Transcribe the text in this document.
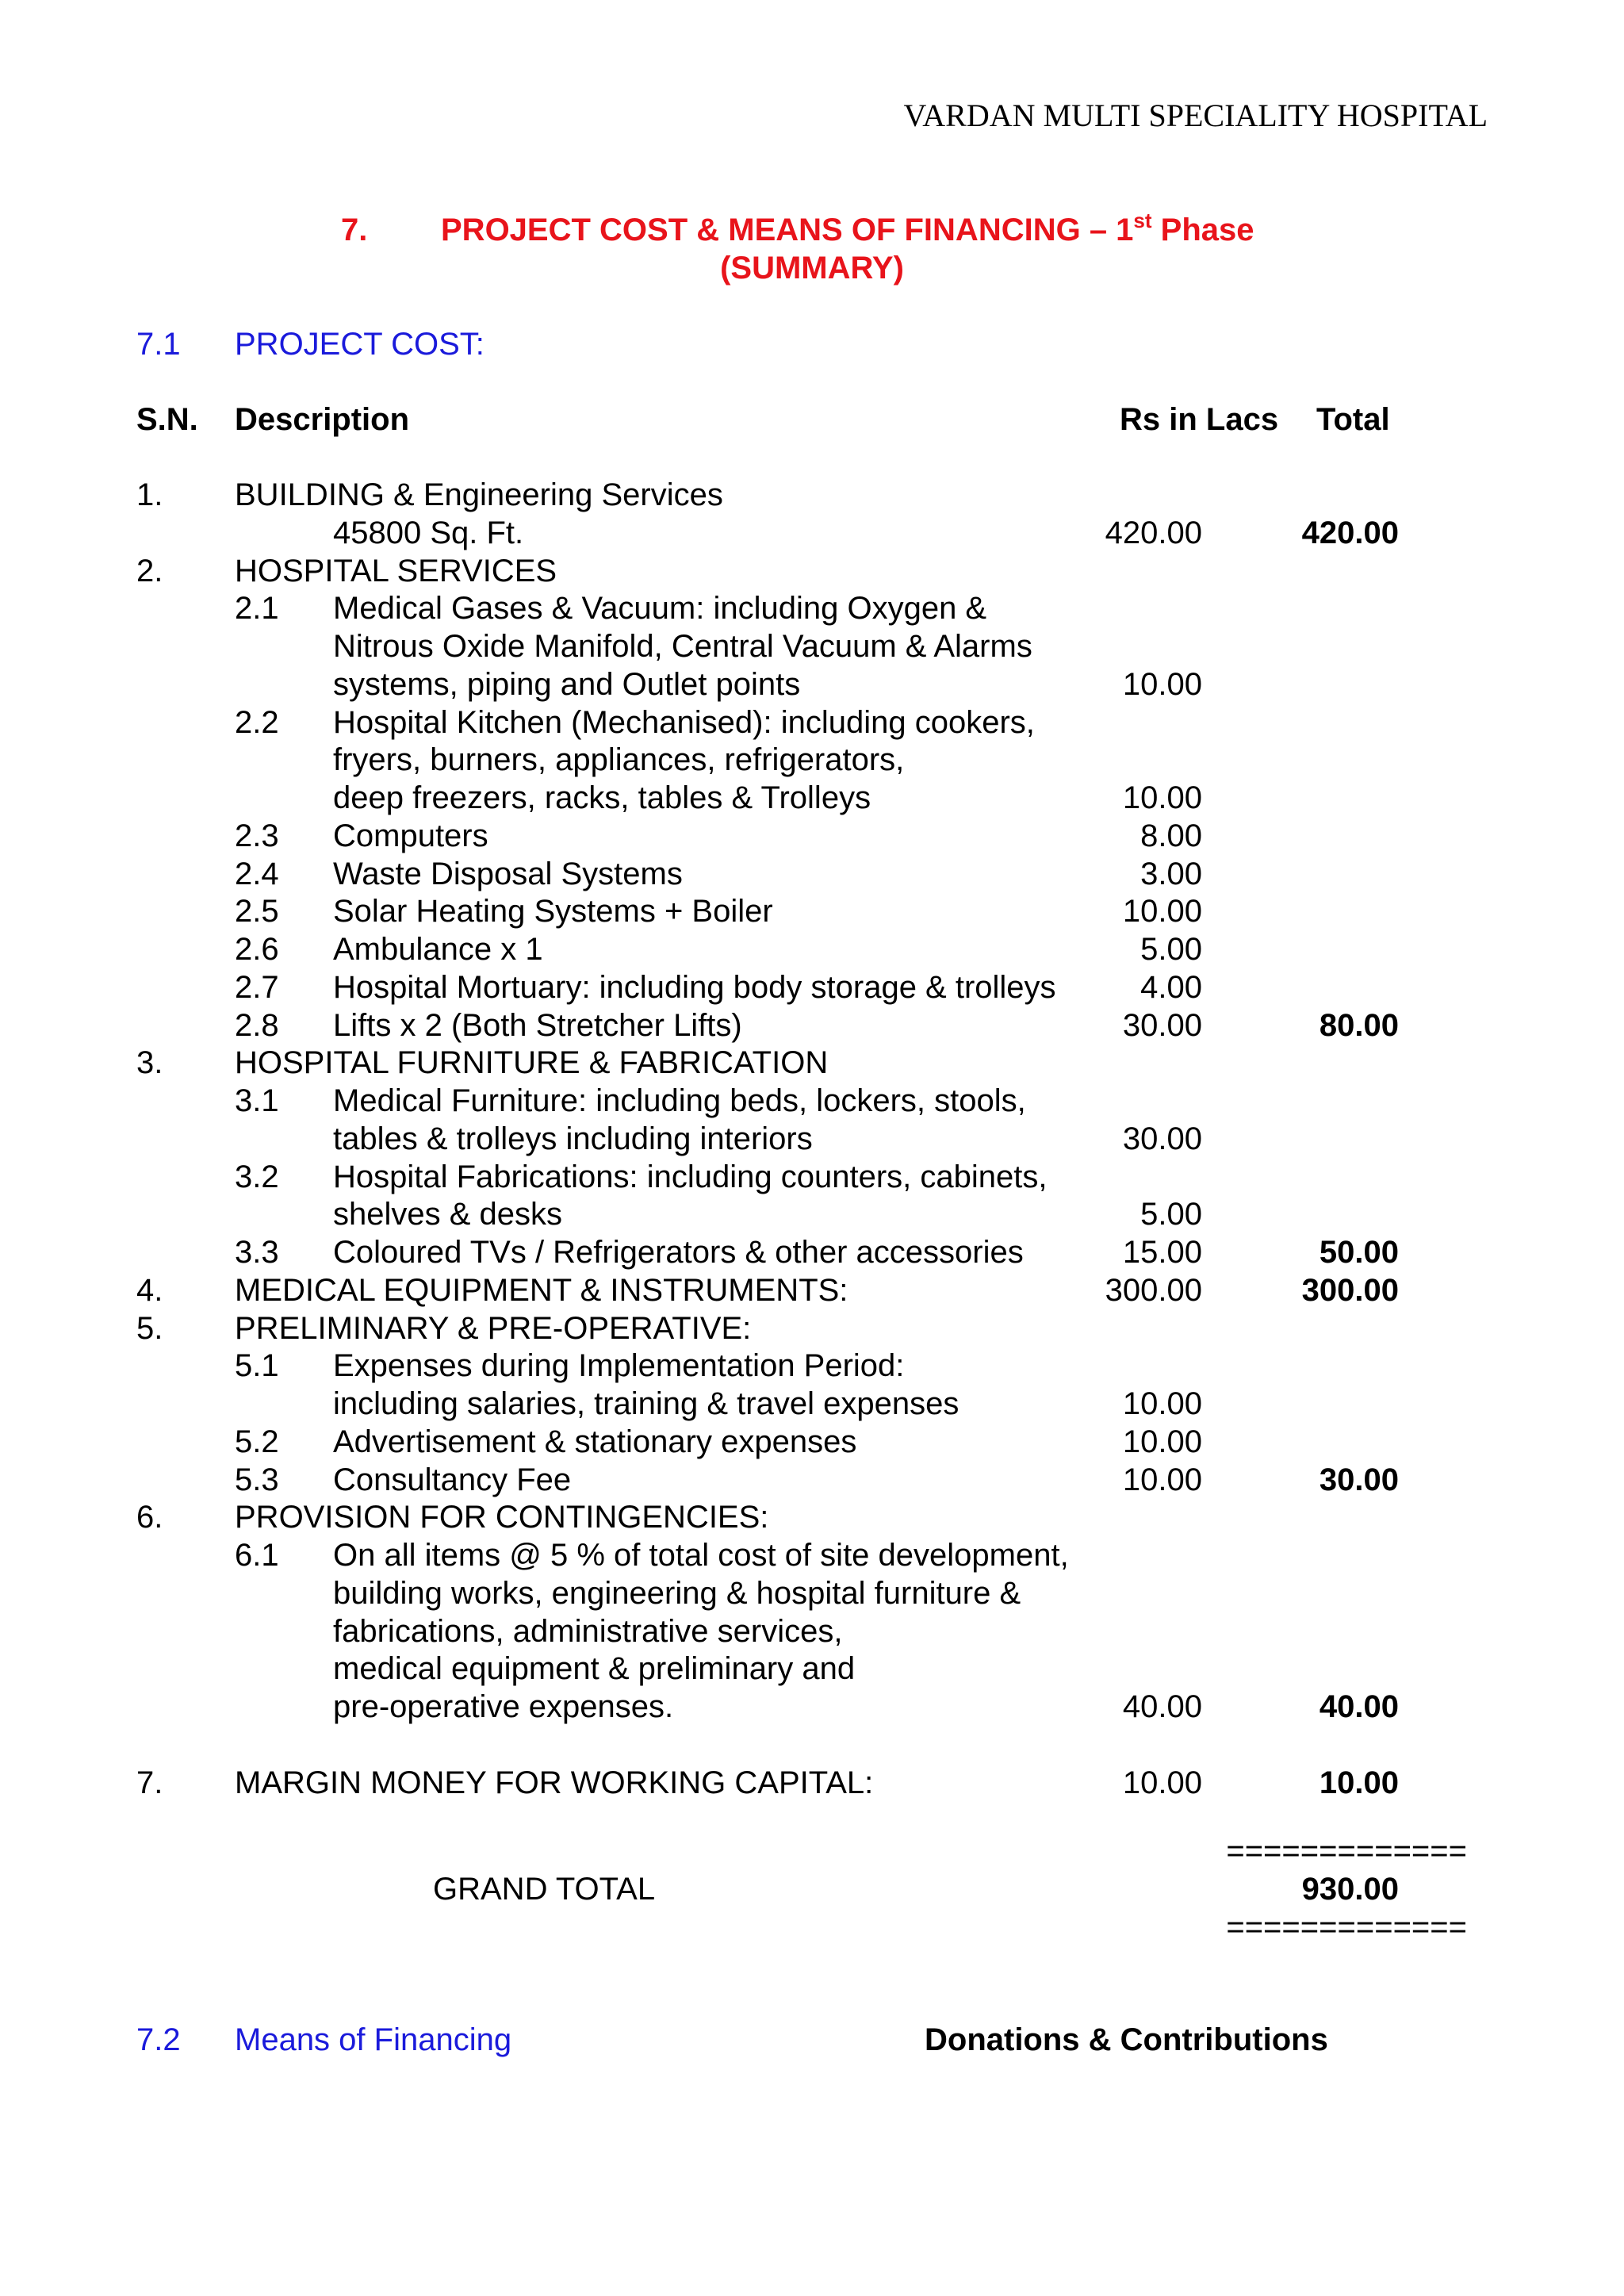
VARDAN MULTI SPECIALITY HOSPITAL
7. PROJECT COST & MEANS OF FINANCING – 1st Phase
(SUMMARY)
7.1 PROJECT COST:
S.N. Description	Rs in Lacs Total
1. BUILDING & Engineering Services
45800 Sq. Ft.	420.00	420.00
2. HOSPITAL SERVICES
2.1 Medical Gases & Vacuum: including Oxygen &
Nitrous Oxide Manifold, Central Vacuum & Alarms
systems, piping and Outlet points	10.00
2.2 Hospital Kitchen (Mechanised): including cookers,
fryers, burners, appliances, refrigerators,
deep freezers, racks, tables & Trolleys	10.00
2.3 Computers	8.00
2.4 Waste Disposal Systems	3.00
2.5 Solar Heating Systems + Boiler	10.00
2.6 Ambulance x 1	5.00
2.7 Hospital Mortuary: including body storage & trolleys	4.00
2.8 Lifts x 2 (Both Stretcher Lifts)	30.00	80.00
3. HOSPITAL FURNITURE & FABRICATION
3.1 Medical Furniture: including beds, lockers, stools,
tables & trolleys including interiors	30.00
3.2 Hospital Fabrications: including counters, cabinets,
shelves & desks	5.00
3.3 Coloured TVs / Refrigerators & other accessories	15.00	50.00
4. MEDICAL EQUIPMENT & INSTRUMENTS:	300.00	300.00
5. PRELIMINARY & PRE-OPERATIVE:
5.1 Expenses during Implementation Period:
including salaries, training & travel expenses	10.00
5.2 Advertisement & stationary expenses	10.00
5.3 Consultancy Fee	10.00	30.00
6. PROVISION FOR CONTINGENCIES:
6.1 On all items @ 5 % of total cost of site development,
building works, engineering & hospital furniture &
fabrications, administrative services,
medical equipment & preliminary and
pre-operative expenses.	40.00	40.00
7. MARGIN MONEY FOR WORKING CAPITAL:	10.00	10.00
=============
GRAND TOTAL	930.00
=============
7.2 Means of Financing	Donations & Contributions
